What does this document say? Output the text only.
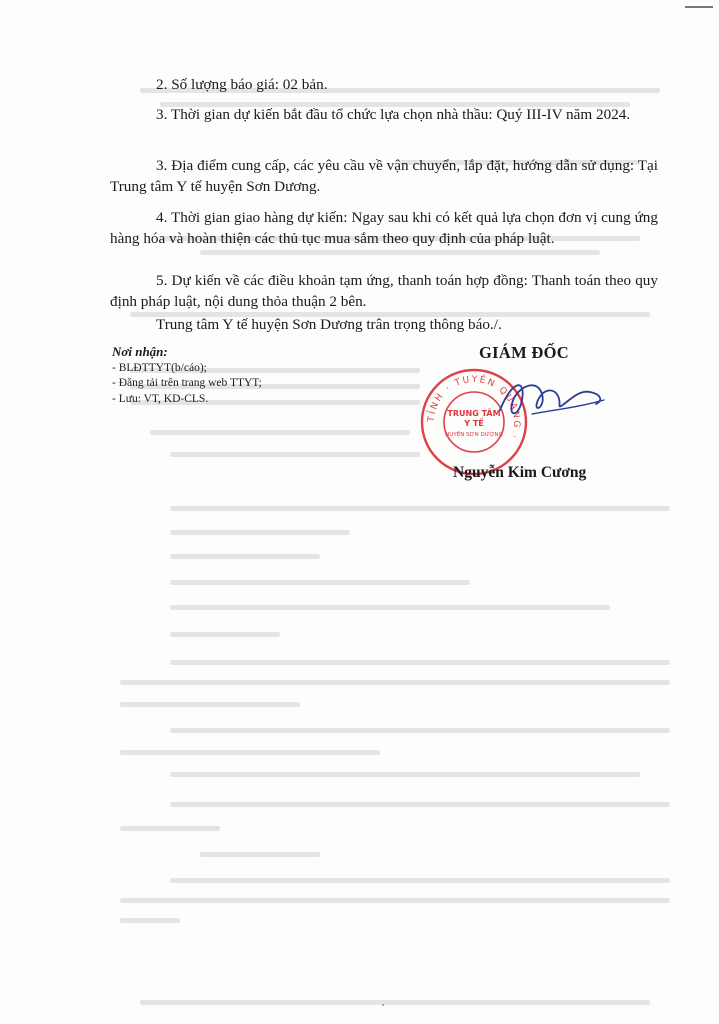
2. Số lượng báo giá: 02 bản.

3. Thời gian dự kiến bắt đầu tổ chức lựa chọn nhà thầu: Quý III-IV năm 2024.

3. Địa điểm cung cấp, các yêu cầu về vận chuyển, lắp đặt, hướng dẫn sử dụng: Tại Trung tâm Y tế huyện Sơn Dương.

4. Thời gian giao hàng dự kiến: Ngay sau khi có kết quả lựa chọn đơn vị cung ứng hàng hóa và hoàn thiện các thủ tục mua sắm theo quy định của pháp luật.

5. Dự kiến về các điều khoản tạm ứng, thanh toán hợp đồng: Thanh toán theo quy định pháp luật, nội dung thỏa thuận 2 bên.

Trung tâm Y tế huyện Sơn Dương trân trọng thông báo./.

Nơi nhận:
- BLĐTTYT(b/cáo);
- Đăng tải trên trang web TTYT;
- Lưu: VT, KD-CLS.
GIÁM ĐỐC
TỈNH · TUYÊN QUANG ·
TRUNG TÂM
Y TẾ
HUYỆN SƠN DƯƠNG
Nguyễn Kim Cương
